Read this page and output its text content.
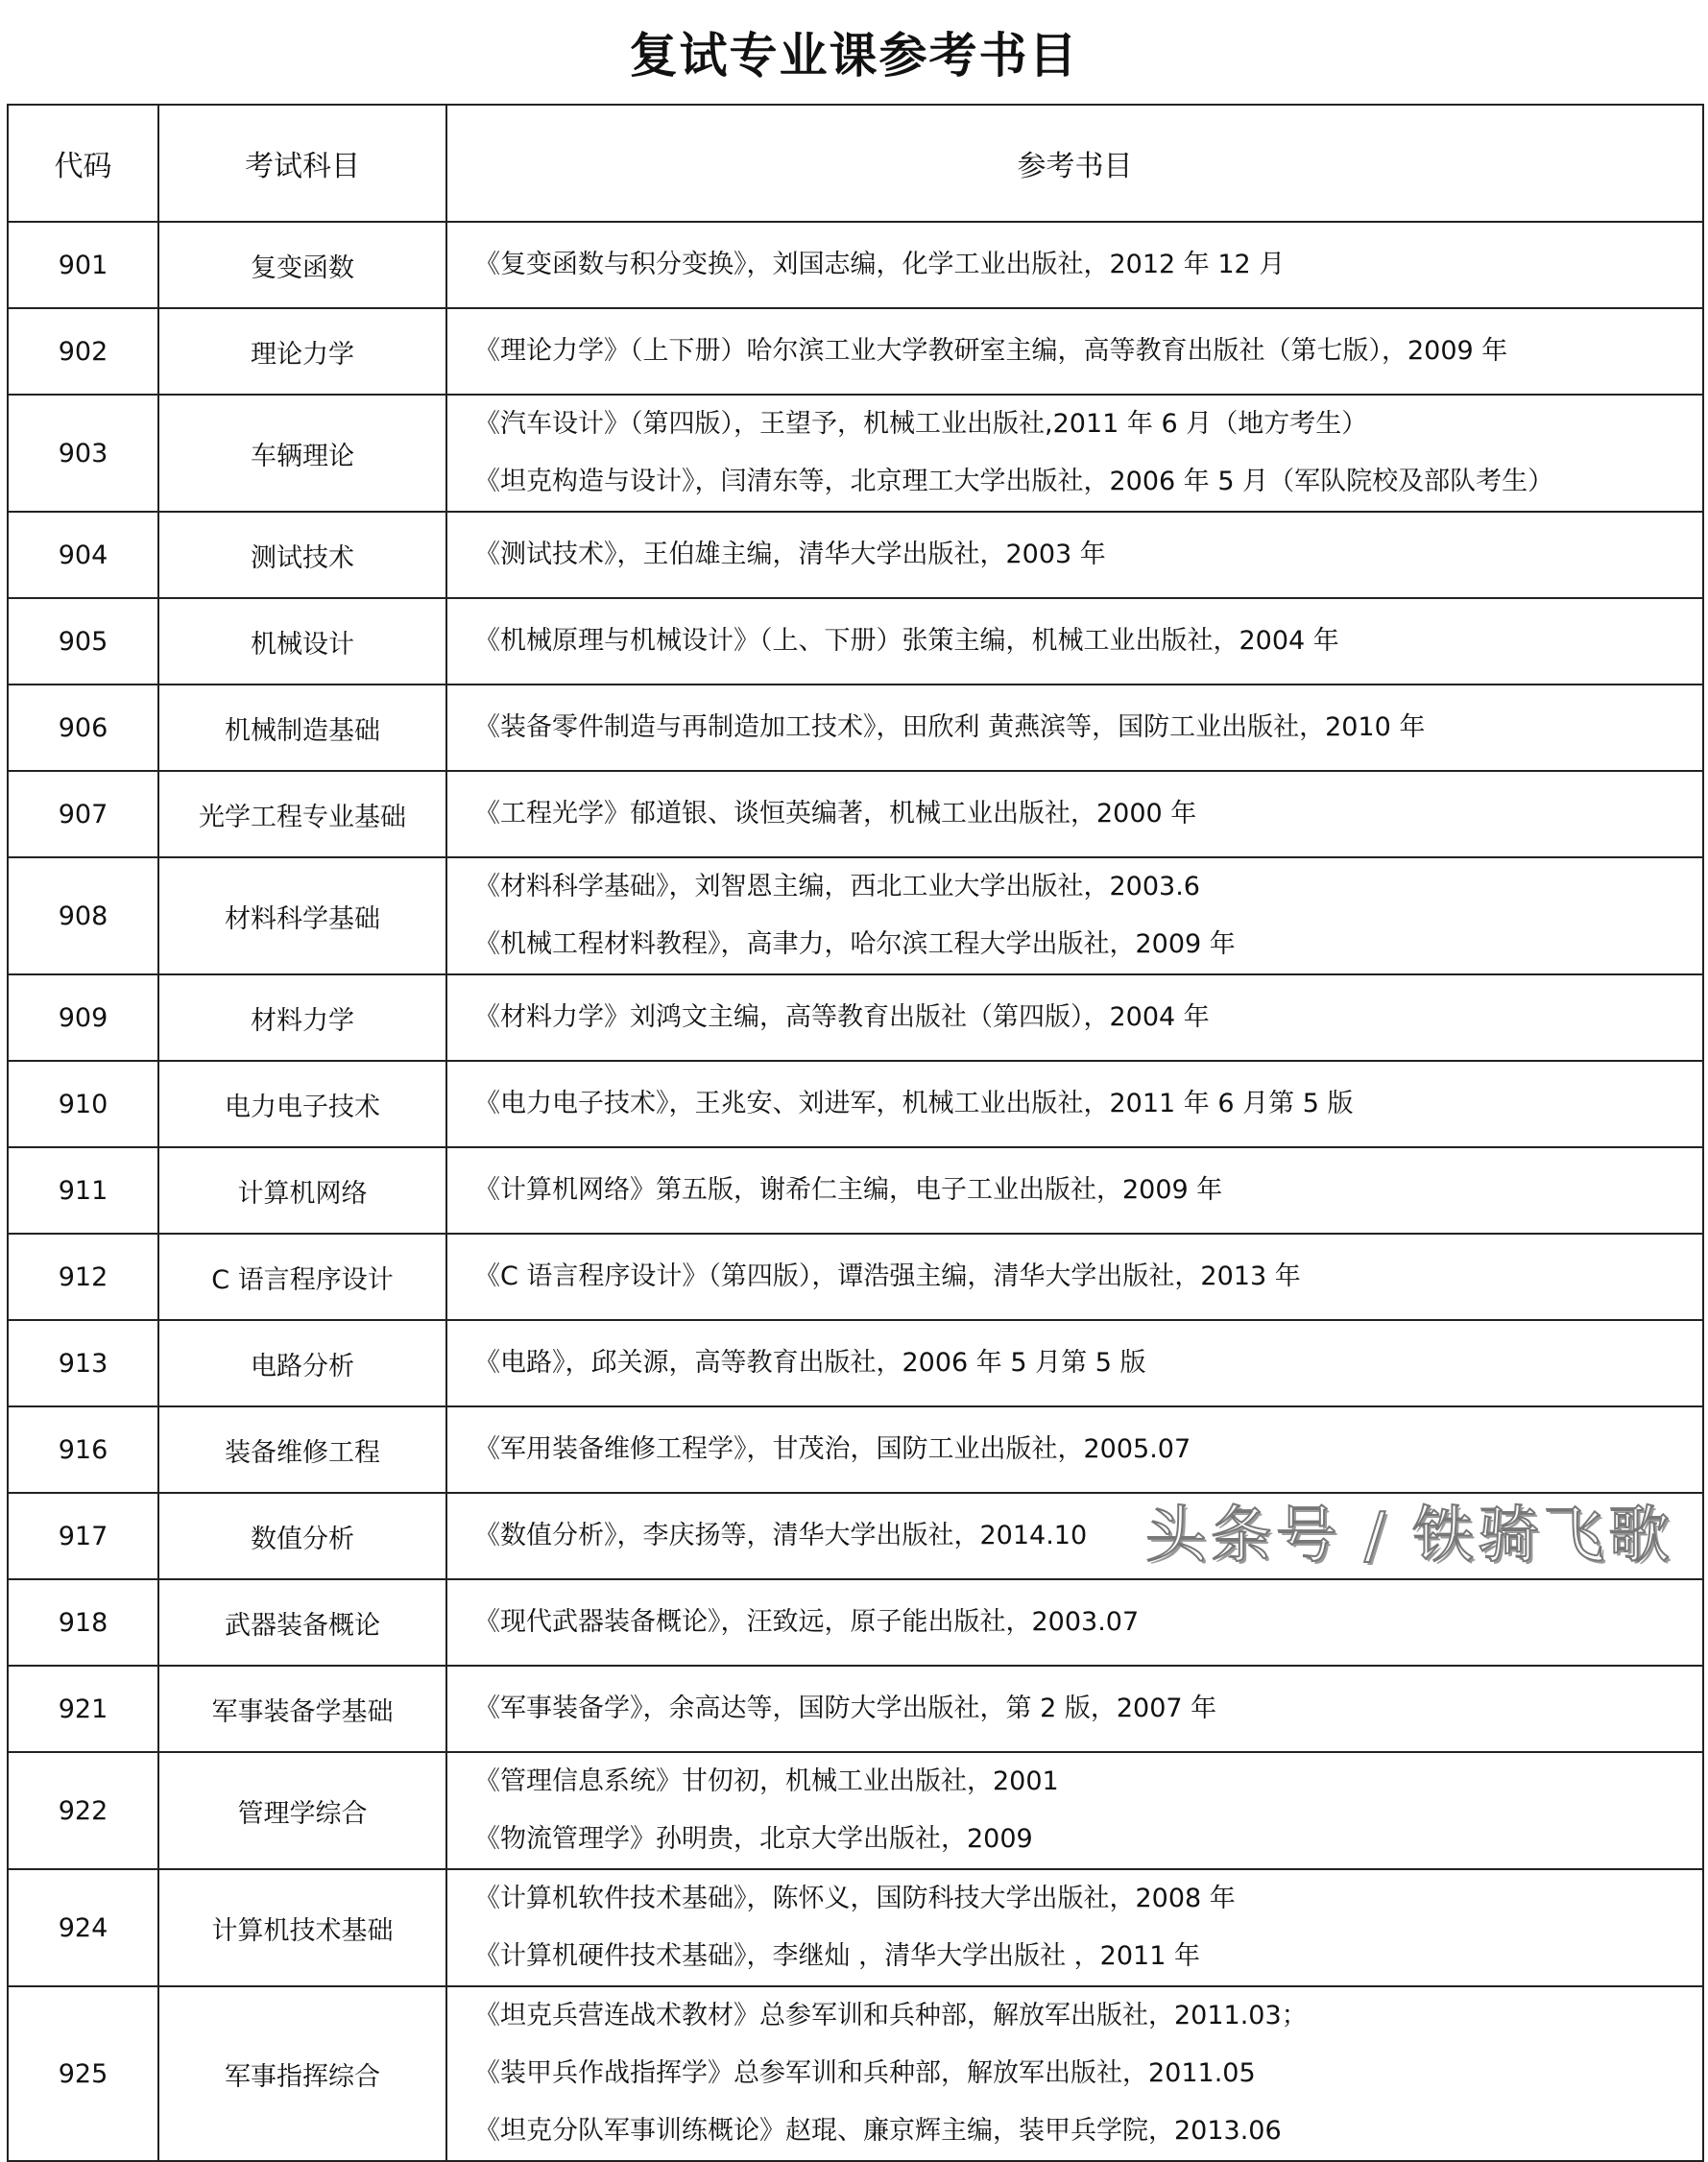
复试专业课参考书目
代码	考试科目	参考书目
901	复变函数	《复变函数与积分变换》，刘国志编，化学工业出版社，2012 年 12 月

902	理论力学	《理论力学》（上下册）哈尔滨工业大学教研室主编，高等教育出版社（第七版），2009 年

903	车辆理论	《汽车设计》（第四版），王望予，机械工业出版社,2011 年 6 月（地方考生）
《坦克构造与设计》，闫清东等，北京理工大学出版社，2006 年 5 月（军队院校及部队考生）

904	测试技术	《测试技术》，王伯雄主编，清华大学出版社，2003 年

905	机械设计	《机械原理与机械设计》（上、下册）张策主编，机械工业出版社，2004 年

906	机械制造基础	《装备零件制造与再制造加工技术》，田欣利 黄燕滨等，国防工业出版社，2010 年

907	光学工程专业基础	《工程光学》郁道银、谈恒英编著，机械工业出版社，2000 年

908	材料科学基础	《材料科学基础》，刘智恩主编，西北工业大学出版社，2003.6
《机械工程材料教程》，高聿力，哈尔滨工程大学出版社，2009 年

909	材料力学	《材料力学》刘鸿文主编，高等教育出版社（第四版），2004 年

910	电力电子技术	《电力电子技术》，王兆安、刘进军，机械工业出版社，2011 年 6 月第 5 版

911	计算机网络	《计算机网络》第五版，谢希仁主编，电子工业出版社，2009 年

912	C 语言程序设计	《C 语言程序设计》（第四版），谭浩强主编，清华大学出版社，2013 年

913	电路分析	《电路》，邱关源，高等教育出版社，2006 年 5 月第 5 版

916	装备维修工程	《军用装备维修工程学》，甘茂治，国防工业出版社，2005.07

917	数值分析	《数值分析》，李庆扬等，清华大学出版社，2014.10 头条号 / 铁骑飞歌

918	武器装备概论	《现代武器装备概论》，汪致远，原子能出版社，2003.07

921	军事装备学基础	《军事装备学》，余高达等，国防大学出版社，第 2 版，2007 年

922	管理学综合	《管理信息系统》甘仞初，机械工业出版社，2001
《物流管理学》孙明贵，北京大学出版社，2009

924	计算机技术基础	《计算机软件技术基础》，陈怀义，国防科技大学出版社，2008 年
《计算机硬件技术基础》，李继灿 ，清华大学出版社 ，2011 年

925	军事指挥综合	《坦克兵营连战术教材》总参军训和兵种部，解放军出版社，2011.03；
《装甲兵作战指挥学》总参军训和兵种部，解放军出版社，2011.05
《坦克分队军事训练概论》赵琨、廉京辉主编，装甲兵学院，2013.06
